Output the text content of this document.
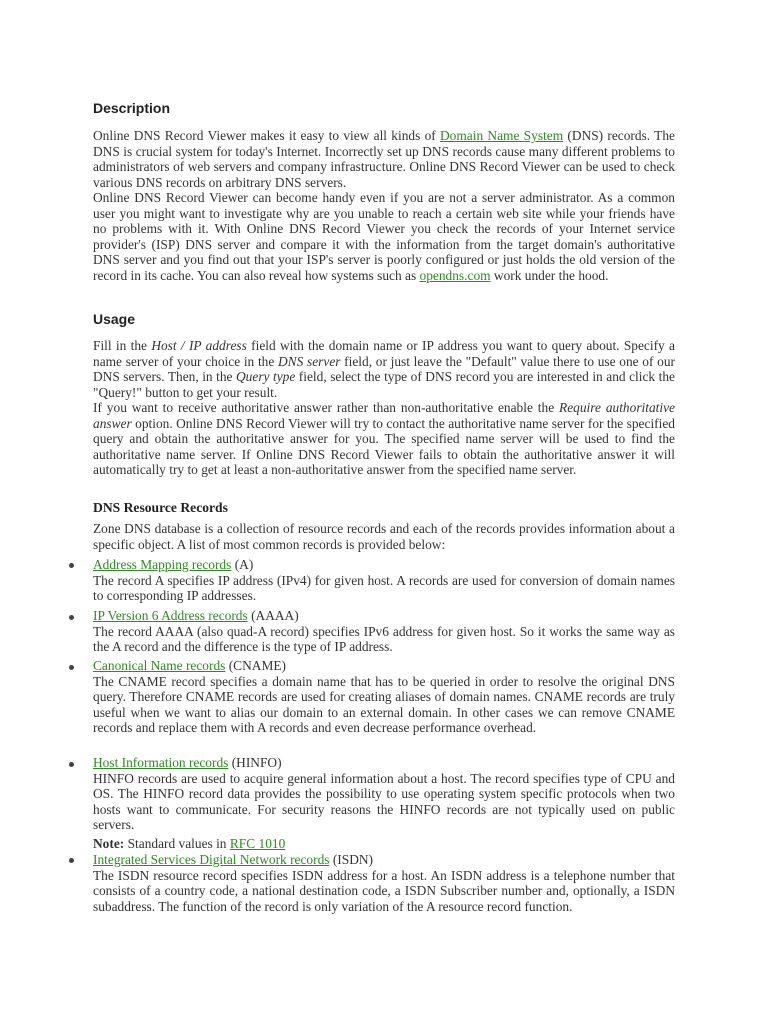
Description

Online DNS Record Viewer makes it easy to view all kinds of Domain Name System (DNS) records. The DNS is crucial system for today's Internet. Incorrectly set up DNS records cause many different problems to administrators of web servers and company infrastructure. Online DNS Record Viewer can be used to check various DNS records on arbitrary DNS servers.

Online DNS Record Viewer can become handy even if you are not a server administrator. As a common user you might want to investigate why are you unable to reach a certain web site while your friends have no problems with it. With Online DNS Record Viewer you check the records of your Internet service provider's (ISP) DNS server and compare it with the information from the target domain's authoritative DNS server and you find out that your ISP's server is poorly configured or just holds the old version of the record in its cache. You can also reveal how systems such as opendns.com work under the hood.

Usage

Fill in the Host / IP address field with the domain name or IP address you want to query about. Specify a name server of your choice in the DNS server field, or just leave the "Default" value there to use one of our DNS servers. Then, in the Query type field, select the type of DNS record you are interested in and click the "Query!" button to get your result.

If you want to receive authoritative answer rather than non-authoritative enable the Require authoritative answer option. Online DNS Record Viewer will try to contact the authoritative name server for the specified query and obtain the authoritative answer for you. The specified name server will be used to find the authoritative name server. If Online DNS Record Viewer fails to obtain the authoritative answer it will automatically try to get at least a non-authoritative answer from the specified name server.

DNS Resource Records

Zone DNS database is a collection of resource records and each of the records provides information about a specific object. A list of most common records is provided below:

Address Mapping records (A)

The record A specifies IP address (IPv4) for given host. A records are used for conversion of domain names to corresponding IP addresses.

IP Version 6 Address records (AAAA)

The record AAAA (also quad-A record) specifies IPv6 address for given host. So it works the same way as the A record and the difference is the type of IP address.

Canonical Name records (CNAME)

The CNAME record specifies a domain name that has to be queried in order to resolve the original DNS query. Therefore CNAME records are used for creating aliases of domain names. CNAME records are truly useful when we want to alias our domain to an external domain. In other cases we can remove CNAME records and replace them with A records and even decrease performance overhead.

Host Information records (HINFO)

HINFO records are used to acquire general information about a host. The record specifies type of CPU and OS. The HINFO record data provides the possibility to use operating system specific protocols when two hosts want to communicate. For security reasons the HINFO records are not typically used on public servers.

Note: Standard values in RFC 1010

Integrated Services Digital Network records (ISDN)

The ISDN resource record specifies ISDN address for a host. An ISDN address is a telephone number that consists of a country code, a national destination code, a ISDN Subscriber number and, optionally, a ISDN subaddress. The function of the record is only variation of the A resource record function.
